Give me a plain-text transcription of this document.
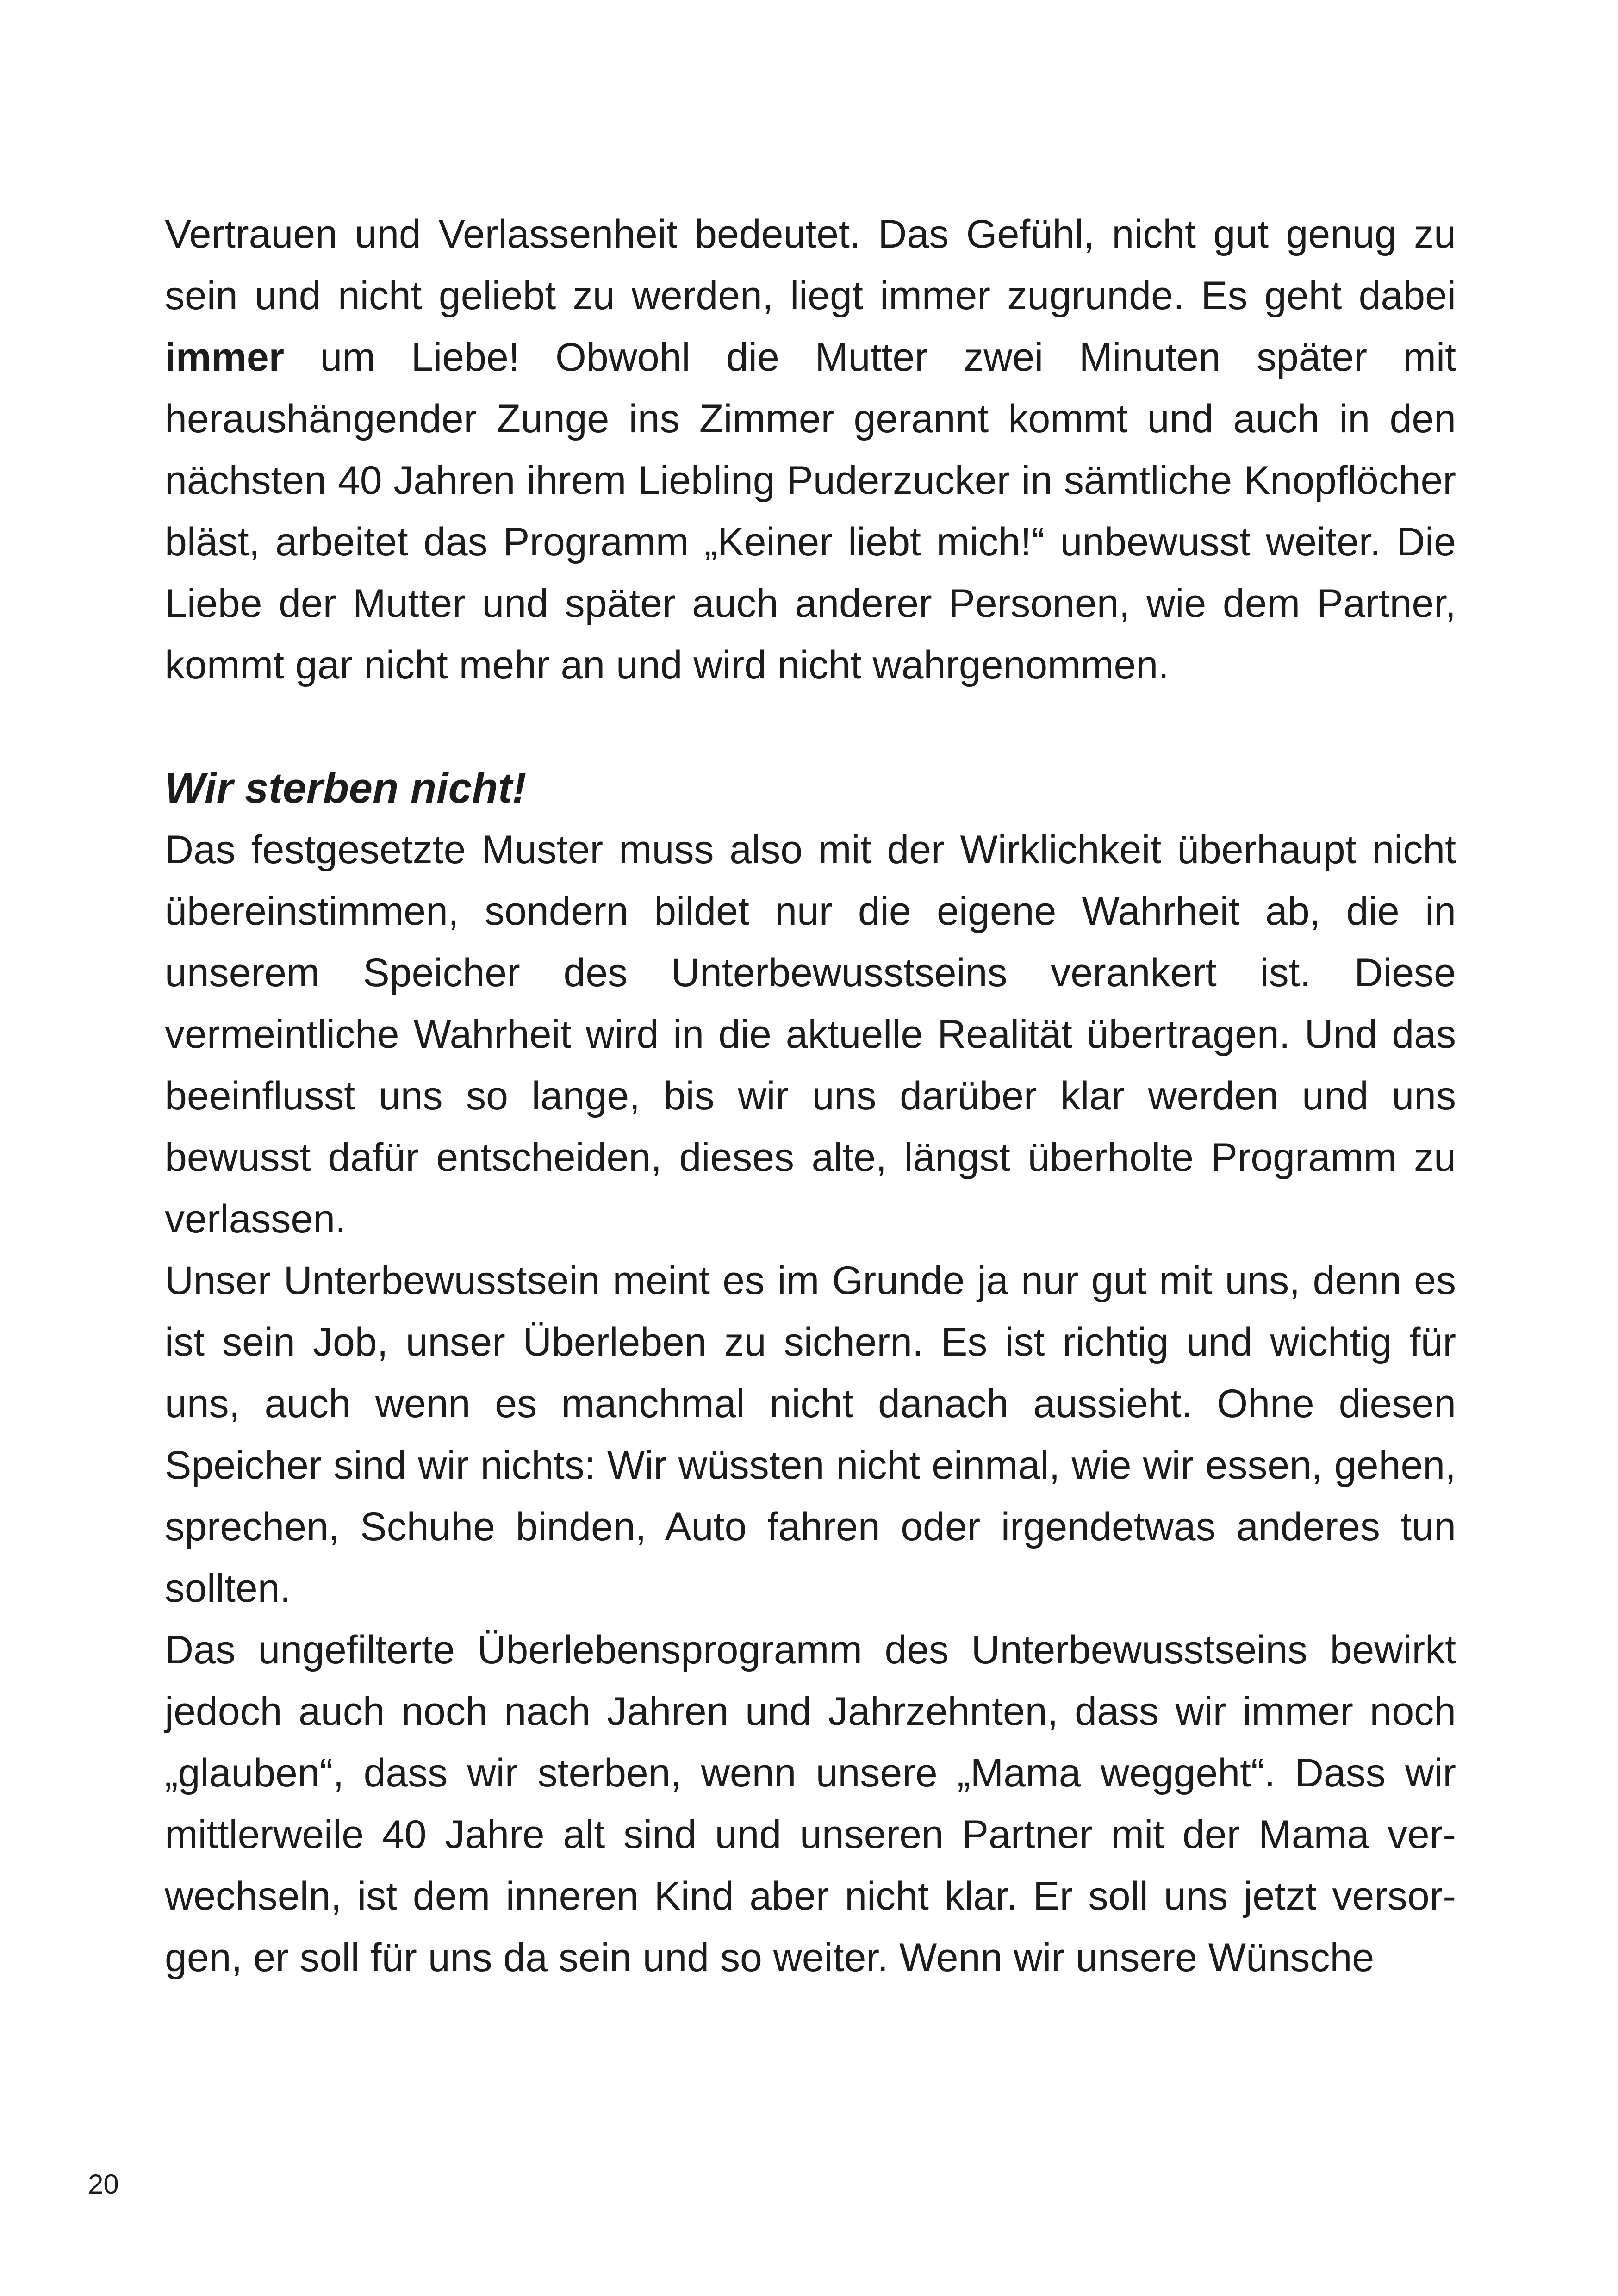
Vertrauen und Verlassenheit bedeutet. Das Gefühl, nicht gut genug zu sein und nicht geliebt zu werden, liegt immer zugrunde. Es geht dabei immer um Liebe! Obwohl die Mutter zwei Minuten später mit heraushängender Zunge ins Zimmer gerannt kommt und auch in den nächsten 40 Jahren ihrem Liebling Puderzucker in sämtliche Knopflöcher bläst, arbeitet das Programm „Keiner liebt mich!“ unbewusst weiter. Die Liebe der Mutter und später auch anderer Personen, wie dem Partner, kommt gar nicht mehr an und wird nicht wahrgenommen.

Wir sterben nicht!

Das festgesetzte Muster muss also mit der Wirklichkeit überhaupt nicht übereinstimmen, sondern bildet nur die eigene Wahrheit ab, die in unserem Speicher des Unterbewusstseins verankert ist. Diese vermeintliche Wahrheit wird in die aktuelle Realität übertragen. Und das beeinflusst uns so lange, bis wir uns darüber klar werden und uns bewusst dafür entscheiden, dieses alte, längst überholte Programm zu verlassen.

Unser Unterbewusstsein meint es im Grunde ja nur gut mit uns, denn es ist sein Job, unser Überleben zu sichern. Es ist richtig und wichtig für uns, auch wenn es manchmal nicht danach aussieht. Ohne diesen Speicher sind wir nichts: Wir wüssten nicht einmal, wie wir essen, gehen, sprechen, Schuhe binden, Auto fahren oder irgendetwas anderes tun sollten.

Das ungefilterte Überlebensprogramm des Unterbewusstseins bewirkt jedoch auch noch nach Jahren und Jahrzehnten, dass wir immer noch „glauben“, dass wir sterben, wenn unsere „Mama weggeht“. Dass wir mittlerweile 40 Jahre alt sind und unseren Partner mit der Mama verwechseln, ist dem inneren Kind aber nicht klar. Er soll uns jetzt versorgen, er soll für uns da sein und so weiter. Wenn wir unsere Wünsche

20
